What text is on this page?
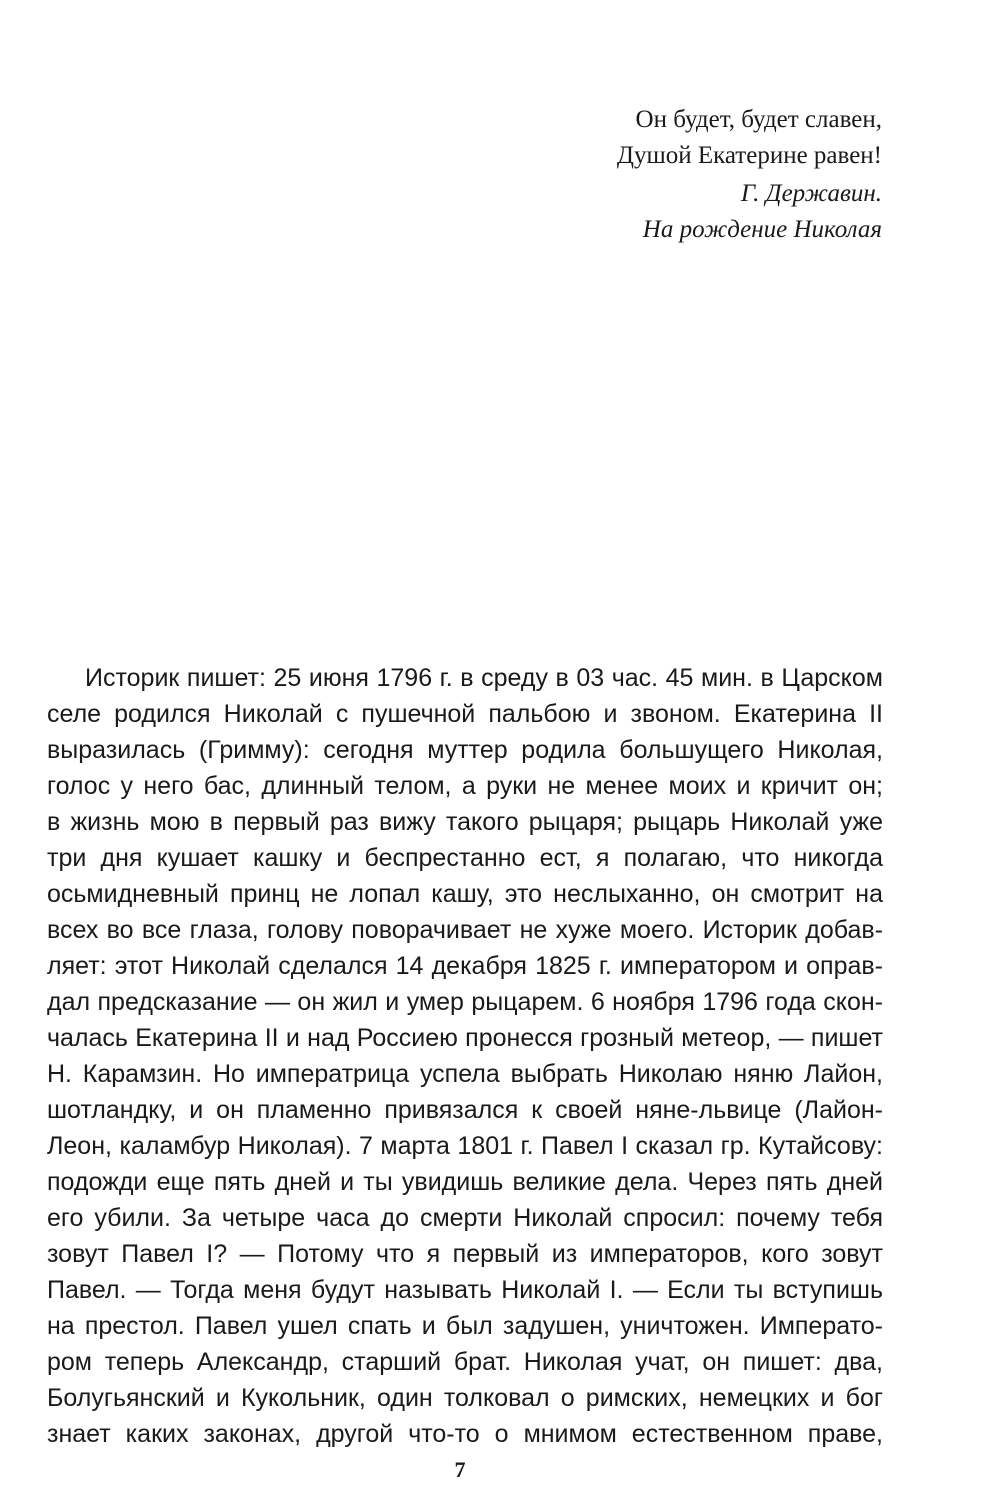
Он будет, будет славен,
Душой Екатерине равен!
Г. Державин.
На рождение Николая
Историк пишет: 25 июня 1796 г. в среду в 03 час. 45 мин. в Царском
селе родился Николай с пушечной пальбою и звоном. Екатерина II
выразилась (Гримму): сегодня муттер родила большущего Николая,
голос у него бас, длинный телом, а руки не менее моих и кричит он;
в жизнь мою в первый раз вижу такого рыцаря; рыцарь Николай уже
три дня кушает кашку и беспрестанно ест, я полагаю, что никогда
осьмидневный принц не лопал кашу, это неслыханно, он смотрит на
всех во все глаза, голову поворачивает не хуже моего. Историк добав-
ляет: этот Николай сделался 14 декабря 1825 г. императором и оправ-
дал предсказание — он жил и умер рыцарем. 6 ноября 1796 года скон-
чалась Екатерина II и над Россиею пронесся грозный метеор, — пишет
Н. Карамзин. Но императрица успела выбрать Николаю няню Лайон,
шотландку, и он пламенно привязался к своей няне-львице (Лайон-
Леон, каламбур Николая). 7 марта 1801 г. Павел I сказал гр. Кутайсову:
подожди еще пять дней и ты увидишь великие дела. Через пять дней
его убили. За четыре часа до смерти Николай спросил: почему тебя
зовут Павел I? — Потому что я первый из императоров, кого зовут
Павел. — Тогда меня будут называть Николай I. — Если ты вступишь
на престол. Павел ушел спать и был задушен, уничтожен. Императо-
ром теперь Александр, старший брат. Николая учат, он пишет: два,
Болугьянский и Кукольник, один толковал о римских, немецких и бог
знает каких законах, другой что-то о мнимом естественном праве,
7
